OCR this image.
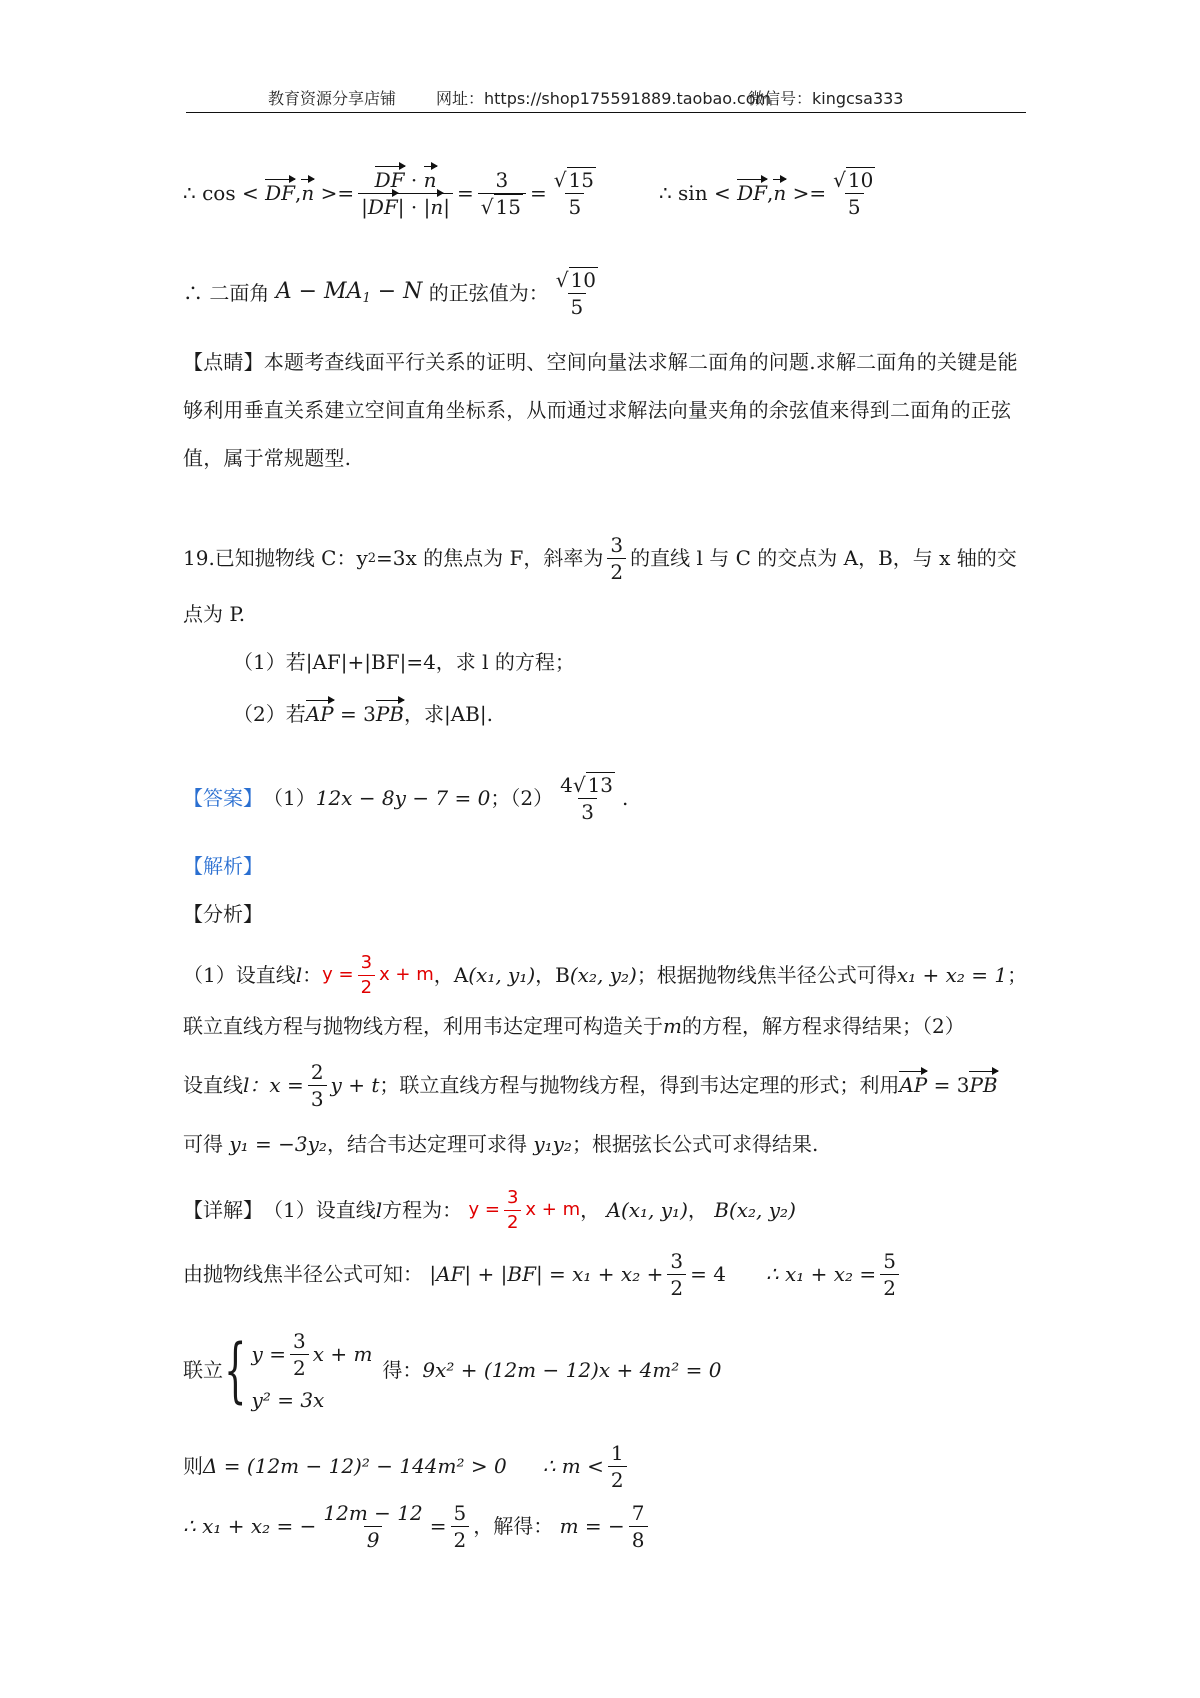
教育资源分享店铺 网址：https://shop175591889.taobao.com
微信号：kingcsa333
∴
cos <
DF , n
>= $\frac{DF \cdot n}{|DF| \cdot |n|} = \frac{3}{√ 15} = \frac{√ 15}{5}$	∴
sin <
DF , n
>= $\frac{√ 10}{5}$
∴ 二面角
$A - MA_1 - N$
的正弦值为： $\frac{√ 10}{5}$
【点睛】本题考查线面平行关系的证明、空间向量法求解二面角的问题.求解二面角的关键是能够利用垂直关系建立空间直角坐标系，从而通过求解法向量夹角的余弦值来得到二面角的正弦值，属于常规题型.
19.已知抛物线 C：y 2 =3x 的焦点为 F，斜率为 $\frac{3}{2}$ 的直线 l 与 C 的交点为 A，B，与 x 轴的交
点为 P.
（1）若|AF|+|BF|=4，求 l 的方程；
（2）若AP = 3PB，求|AB|.
【答案】 （1） 12x − 8y − 7 = 0 ；$(2) \frac{4√ 13}{3}$ .
【解析】
【分析】
（1）设直线 l ： $y = \frac{3}{2}$ x + m ，A (x₁, y₁) ，B (x₂, y₂) ；根据抛物线焦半径公式可得 x₁ + x₂ = 1 ；
联立直线方程与抛物线方程，利用韦达定理可构造关于m的方程，解方程求得结果；（2）
设直线 l ：$x = \frac{2}{3}$ y + t ；联立直线方程与抛物线方程，得到韦达定理的形式；利用 AP
= 3 PB
可得 y₁ = −3y₂，结合韦达定理可求得 y₁y₂；根据弦长公式可求得结果.
【详解】 （1）设直线 l 方程为：
$y = \frac{3}{2}$ x + m ，
A(x₁, y₁) ，
B(x₂, y₂)
由抛物线焦半径公式可知：
$|AF| + |BF| = x_1 + x_2 + \frac{3}{2} = 4$ ∴ $x_1 + x_2 = \frac{5}{2}$
联立 { $y = \frac{3}{2}$ x + m
y² = 3x
得： 9x² + (12m − 12)x + 4m² = 0
则 Δ = (12m − 12)² − 144m² > 0 ∴ $m < \frac{1}{2}$
∴ x₁ + x₂ = − $\frac{12m - 12}{9} = \frac{5}{2}$ ，解得：
m = − $\frac{7}{8}$
